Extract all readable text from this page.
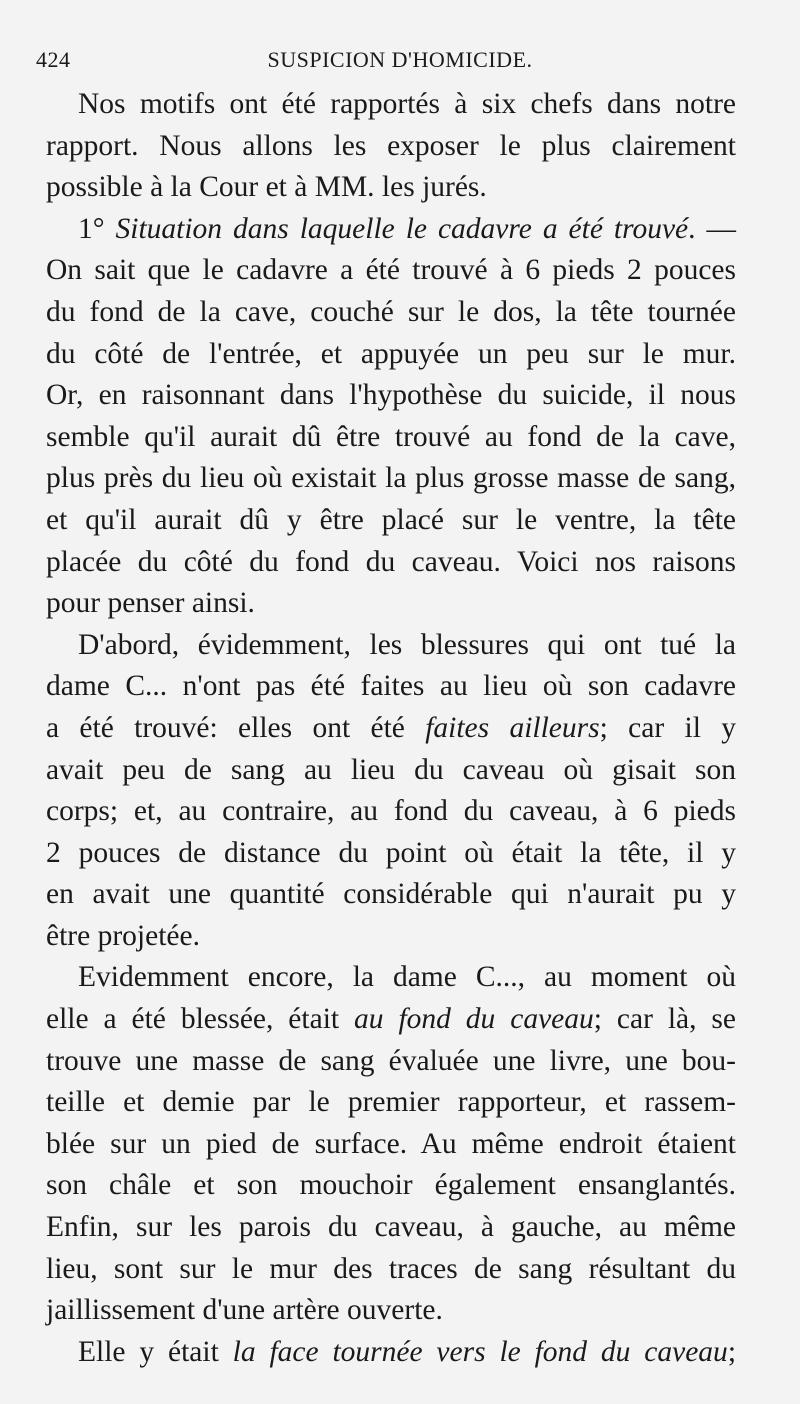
424	SUSPICION D'HOMICIDE.
Nos motifs ont été rapportés à six chefs dans notre
rapport. Nous allons les exposer le plus clairement
possible à la Cour et à MM. les jurés.
1° Situation dans laquelle le cadavre a été trouvé. —
On sait que le cadavre a été trouvé à 6 pieds 2 pouces
du fond de la cave, couché sur le dos, la tête tournée
du côté de l'entrée, et appuyée un peu sur le mur.
Or, en raisonnant dans l'hypothèse du suicide, il nous
semble qu'il aurait dû être trouvé au fond de la cave,
plus près du lieu où existait la plus grosse masse de sang,
et qu'il aurait dû y être placé sur le ventre, la tête
placée du côté du fond du caveau. Voici nos raisons
pour penser ainsi.
D'abord, évidemment, les blessures qui ont tué la
dame C... n'ont pas été faites au lieu où son cadavre
a été trouvé: elles ont été faites ailleurs; car il y
avait peu de sang au lieu du caveau où gisait son
corps; et, au contraire, au fond du caveau, à 6 pieds
2 pouces de distance du point où était la tête, il y
en avait une quantité considérable qui n'aurait pu y
être projetée.
Evidemment encore, la dame C..., au moment où
elle a été blessée, était au fond du caveau; car là, se
trouve une masse de sang évaluée une livre, une bou-
teille et demie par le premier rapporteur, et rassem-
blée sur un pied de surface. Au même endroit étaient
son châle et son mouchoir également ensanglantés.
Enfin, sur les parois du caveau, à gauche, au même
lieu, sont sur le mur des traces de sang résultant du
jaillissement d'une artère ouverte.
Elle y était la face tournée vers le fond du caveau;
